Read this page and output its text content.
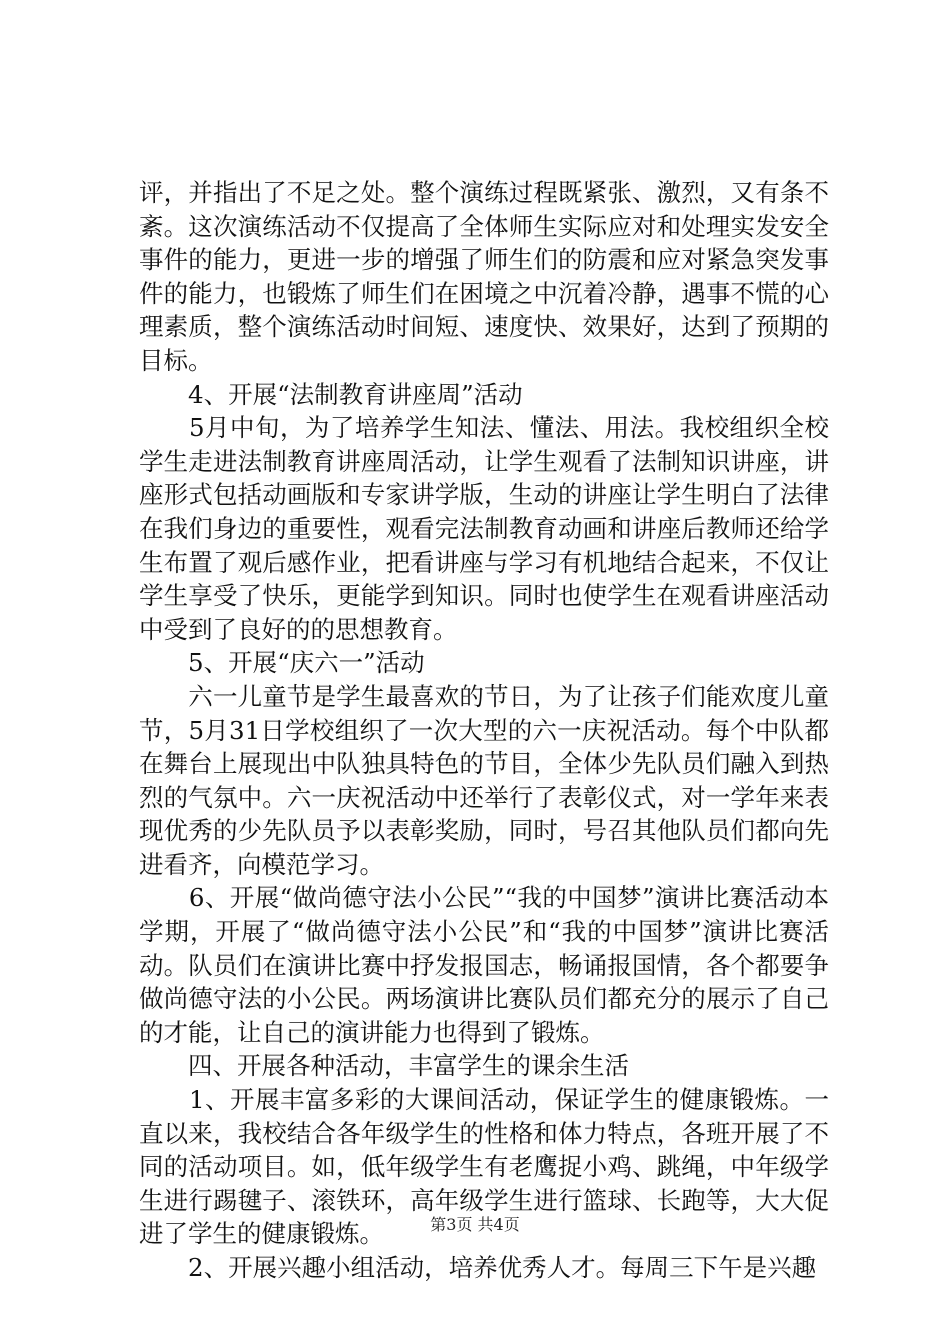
评，并指出了不足之处。整个演练过程既紧张、激烈，又有条不紊。这次演练活动不仅提高了全体师生实际应对和处理实发安全事件的能力，更进一步的增强了师生们的防震和应对紧急突发事件的能力，也锻炼了师生们在困境之中沉着冷静，遇事不慌的心理素质，整个演练活动时间短、速度快、效果好，达到了预期的目标。

　　4、开展“法制教育讲座周”活动

　　5月中旬，为了培养学生知法、懂法、用法。我校组织全校学生走进法制教育讲座周活动，让学生观看了法制知识讲座，讲座形式包括动画版和专家讲学版，生动的讲座让学生明白了法律在我们身边的重要性，观看完法制教育动画和讲座后教师还给学生布置了观后感作业，把看讲座与学习有机地结合起来，不仅让学生享受了快乐，更能学到知识。同时也使学生在观看讲座活动中受到了良好的的思想教育。

　　5、开展“庆六一”活动

　　六一儿童节是学生最喜欢的节日，为了让孩子们能欢度儿童节，5月31日学校组织了一次大型的六一庆祝活动。每个中队都在舞台上展现出中队独具特色的节目，全体少先队员们融入到热烈的气氛中。六一庆祝活动中还举行了表彰仪式，对一学年来表现优秀的少先队员予以表彰奖励，同时，号召其他队员们都向先进看齐，向模范学习。

　　6、开展“做尚德守法小公民”“我的中国梦”演讲比赛活动本学期，开展了“做尚德守法小公民”和“我的中国梦”演讲比赛活动。队员们在演讲比赛中抒发报国志，畅诵报国情，各个都要争做尚德守法的小公民。两场演讲比赛队员们都充分的展示了自己的才能，让自己的演讲能力也得到了锻炼。

　　四、开展各种活动，丰富学生的课余生活

　　1、开展丰富多彩的大课间活动，保证学生的健康锻炼。一直以来，我校结合各年级学生的性格和体力特点，各班开展了不同的活动项目。如，低年级学生有老鹰捉小鸡、跳绳，中年级学生进行踢毽子、滚铁环，高年级学生进行篮球、长跑等，大大促进了学生的健康锻炼。

　　2、开展兴趣小组活动，培养优秀人才。每周三下午是兴趣

第3页 共4页
